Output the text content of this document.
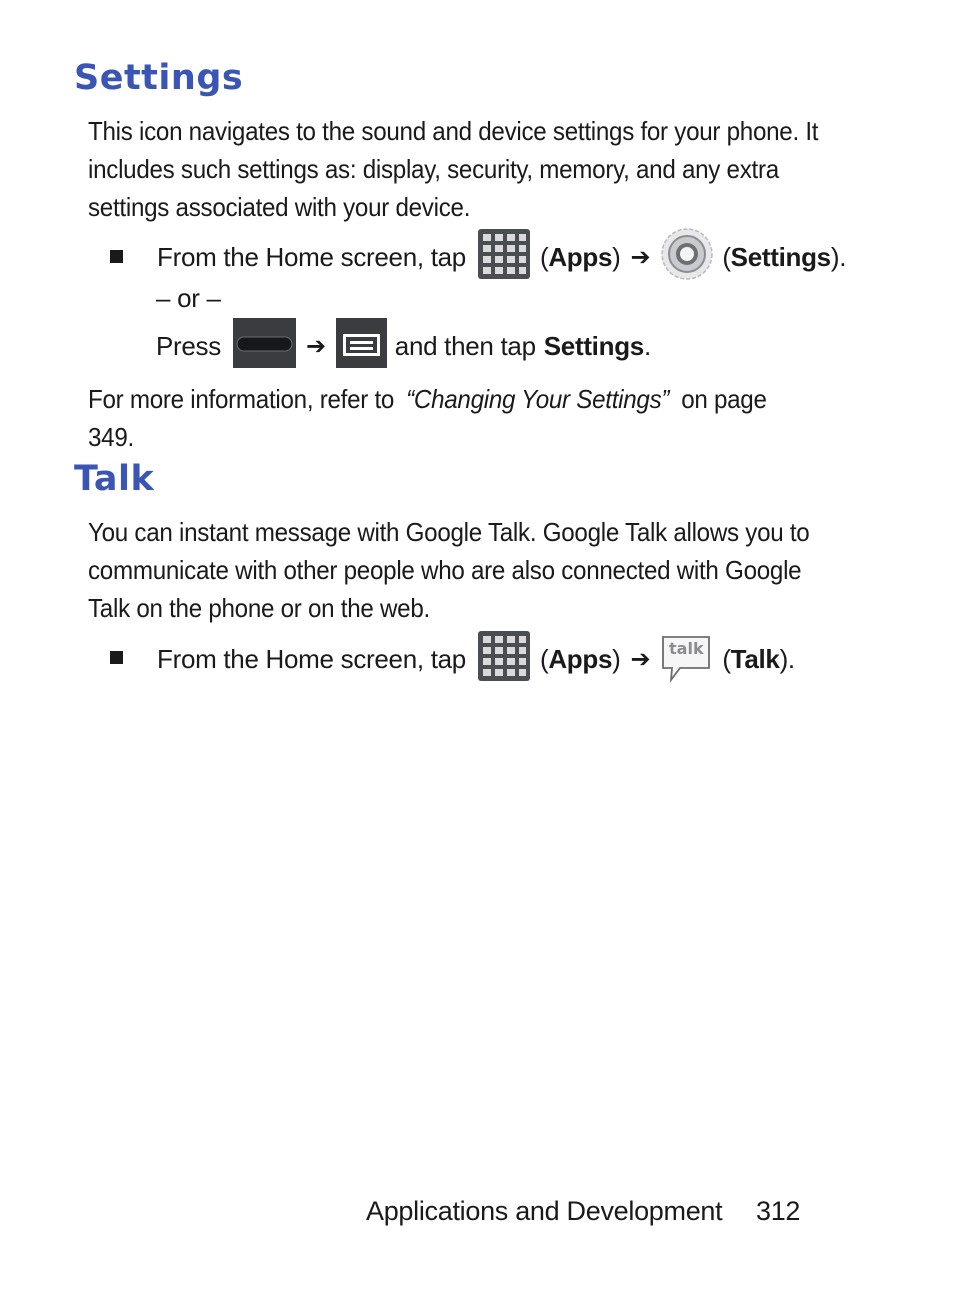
Settings

This icon navigates to the sound and device settings for your phone. It includes such settings as: display, security, memory, and any extra settings associated with your device.

From the Home screen, tap	( Apps ) ➔	( Settings ).
– or –
Press	➔	and then tap Settings .

For more information, refer to “Changing Your Settings” on page 349.

Talk

You can instant message with Google Talk. Google Talk allows you to communicate with other people who are also connected with Google Talk on the phone or on the web.

From the Home screen, tap	( Apps ) ➔	talk ( Talk ).
Applications and Development 312
